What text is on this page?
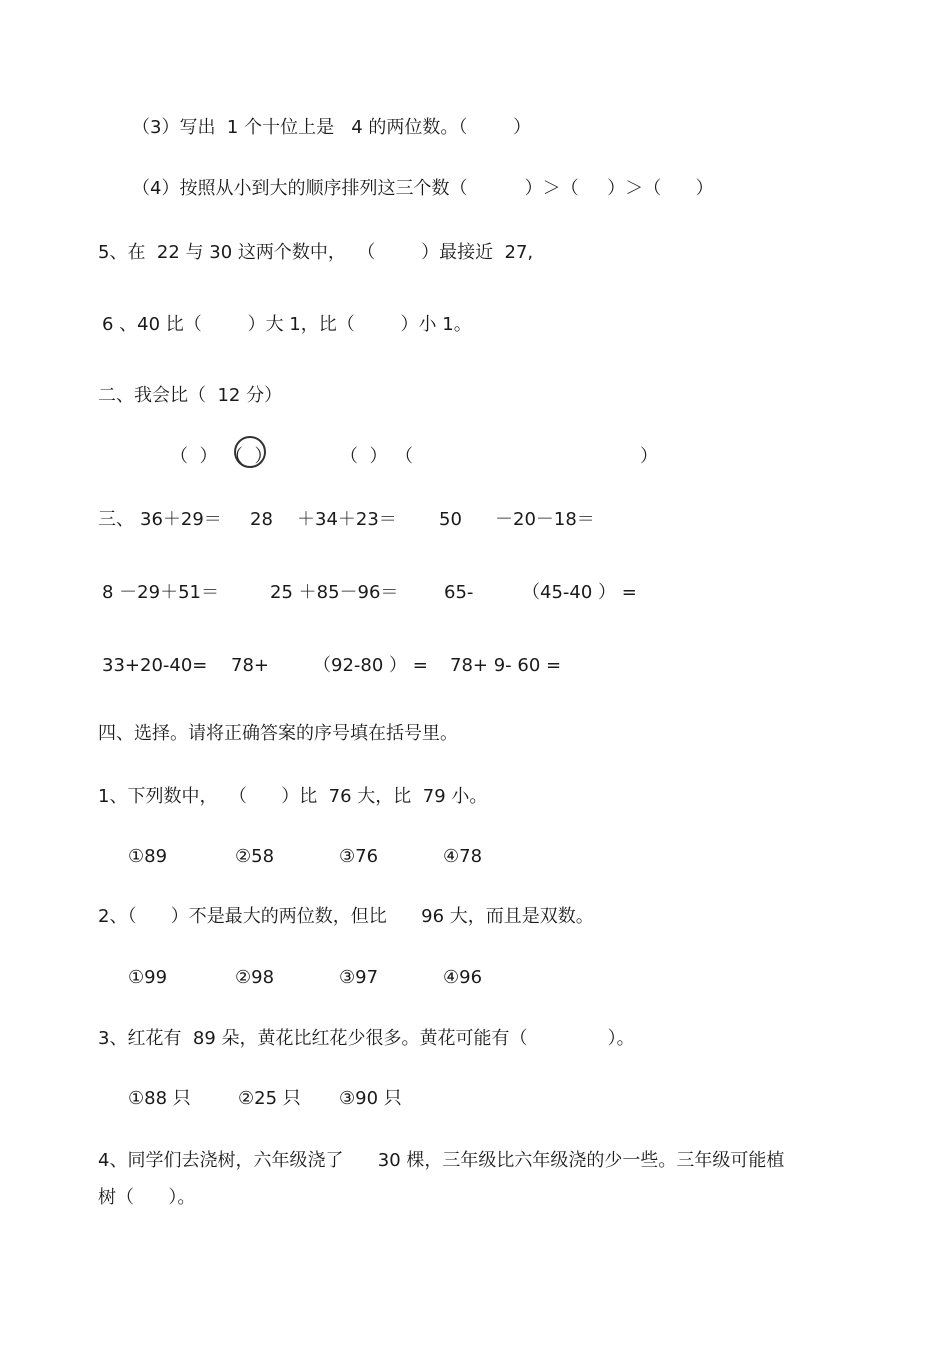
（3）写出  1 个十位上是   4 的两位数。（        ）
（4）按照从小到大的顺序排列这三个数（          ）＞（     ）＞（      ）
5、在  22 与 30 这两个数中，  （        ）最接近  27,
6 、40 比（        ）大 1，比（        ）小 1。
二、我会比（  12 分）
（  ） （  ）	（  ） （	）
三、 36＋29＝ 28 ＋34＋23＝ 50 －20－18＝
8 －29＋51＝	25 ＋85－96＝	65-	（45-40 ） =
33+20-40= 78+ （92-80 ） = 78+ 9- 60 =
四、选择。请将正确答案的序号填在括号里。
1、下列数中，  （      ）比  76 大，比  79 小。
①89	②58	③76	④78
2、（      ）不是最大的两位数，但比      96 大，而且是双数。
①99	②98	③97	④96
3、红花有  89 朵，黄花比红花少很多。黄花可能有（              ）。
①88 只	②25 只 ③90 只
4、同学们去浇树，六年级浇了      30 棵，三年级比六年级浇的少一些。三年级可能植
树（      ）。
